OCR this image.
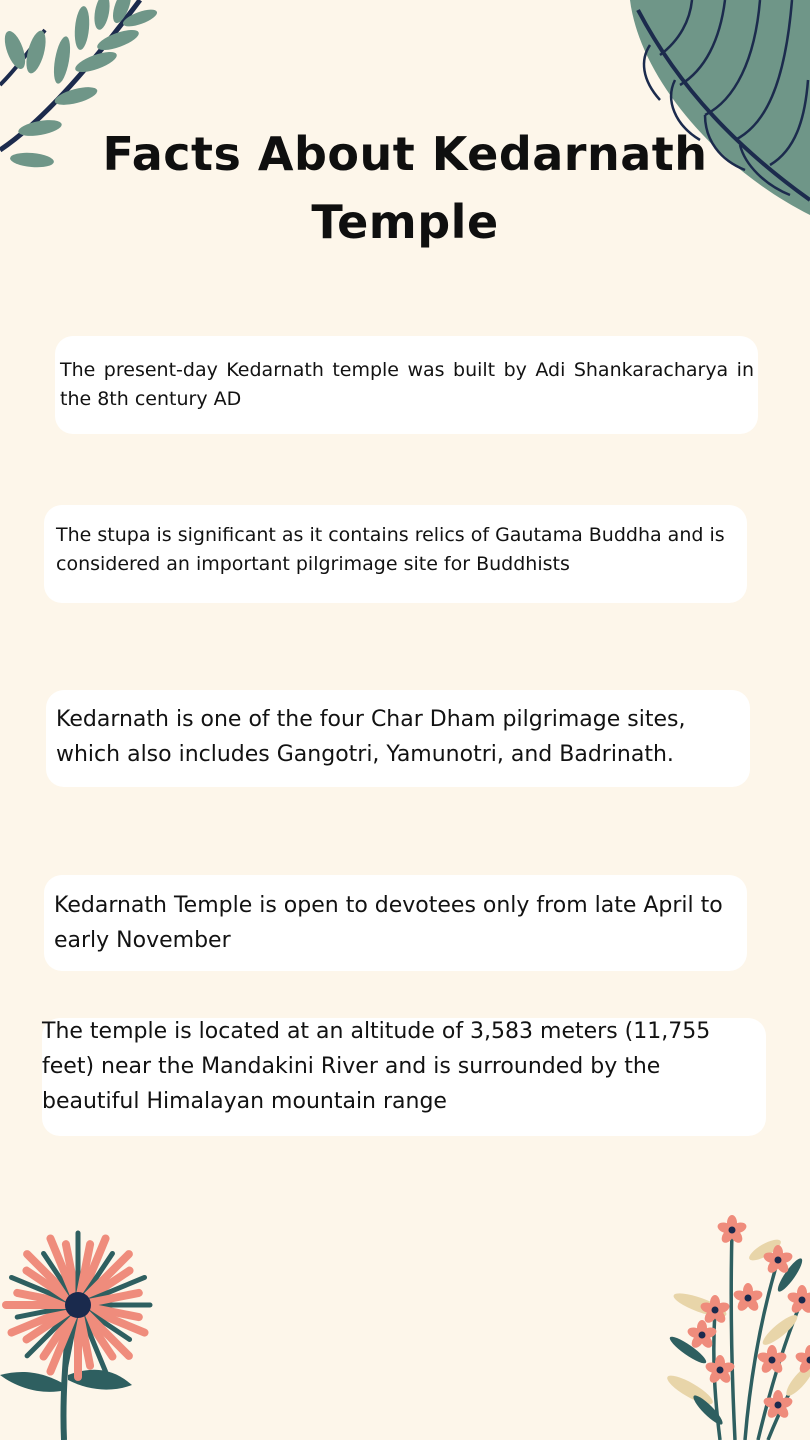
Facts About Kedarnath Temple

The present-day Kedarnath temple was built by Adi Shankaracharya in the 8th century AD

The stupa is significant as it contains relics of Gautama Buddha and is considered an important pilgrimage site for Buddhists

Kedarnath is one of the four Char Dham pilgrimage sites, which also includes Gangotri, Yamunotri, and Badrinath.

Kedarnath Temple is open to devotees only from late April to early November

The temple is located at an altitude of 3,583 meters (11,755 feet) near the Mandakini River and is surrounded by the beautiful Himalayan mountain range
